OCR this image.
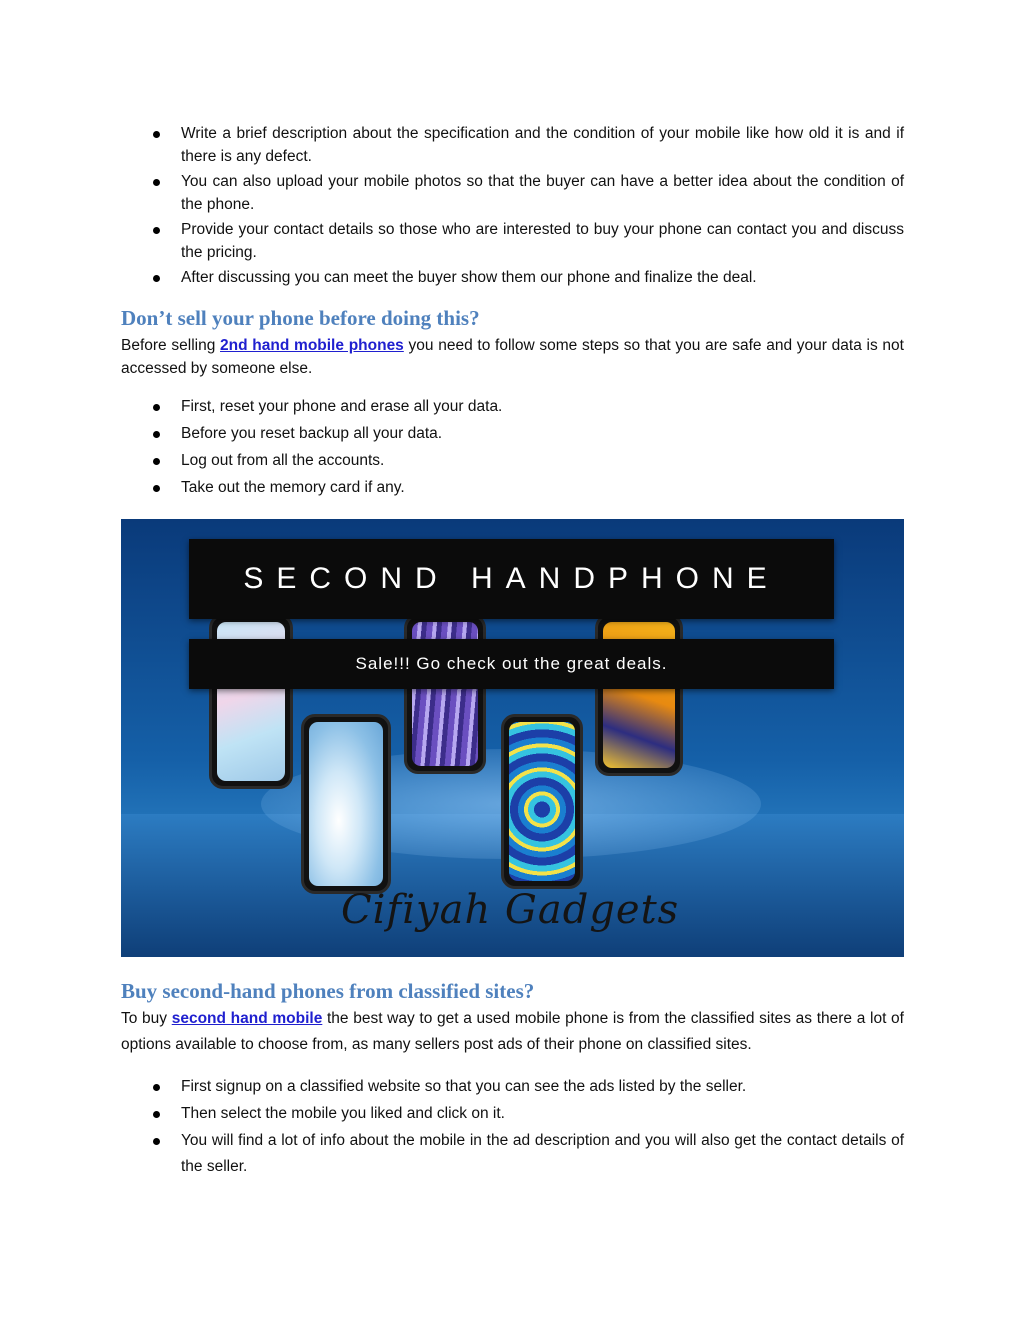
Write a brief description about the specification and the condition of your mobile like how old it is and if there is any defect.
You can also upload your mobile photos so that the buyer can have a better idea about the condition of the phone.
Provide your contact details so those who are interested to buy your phone can contact you and discuss the pricing.
After discussing you can meet the buyer show them our phone and finalize the deal.
Don’t sell your phone before doing this?

Before selling 2nd hand mobile phones you need to follow some steps so that you are safe and your data is not accessed by someone else.

First, reset your phone and erase all your data.
Before you reset backup all your data.
Log out from all the accounts.
Take out the memory card if any.
SECOND HANDPHONE
Sale!!! Go check out the great deals.
Cifiyah Gadgets
Buy second-hand phones from classified sites?

To buy second hand mobile the best way to get a used mobile phone is from the classified sites as there a lot of options available to choose from, as many sellers post ads of their phone on classified sites.

First signup on a classified website so that you can see the ads listed by the seller.
Then select the mobile you liked and click on it.
You will find a lot of info about the mobile in the ad description and you will also get the contact details of the seller.
